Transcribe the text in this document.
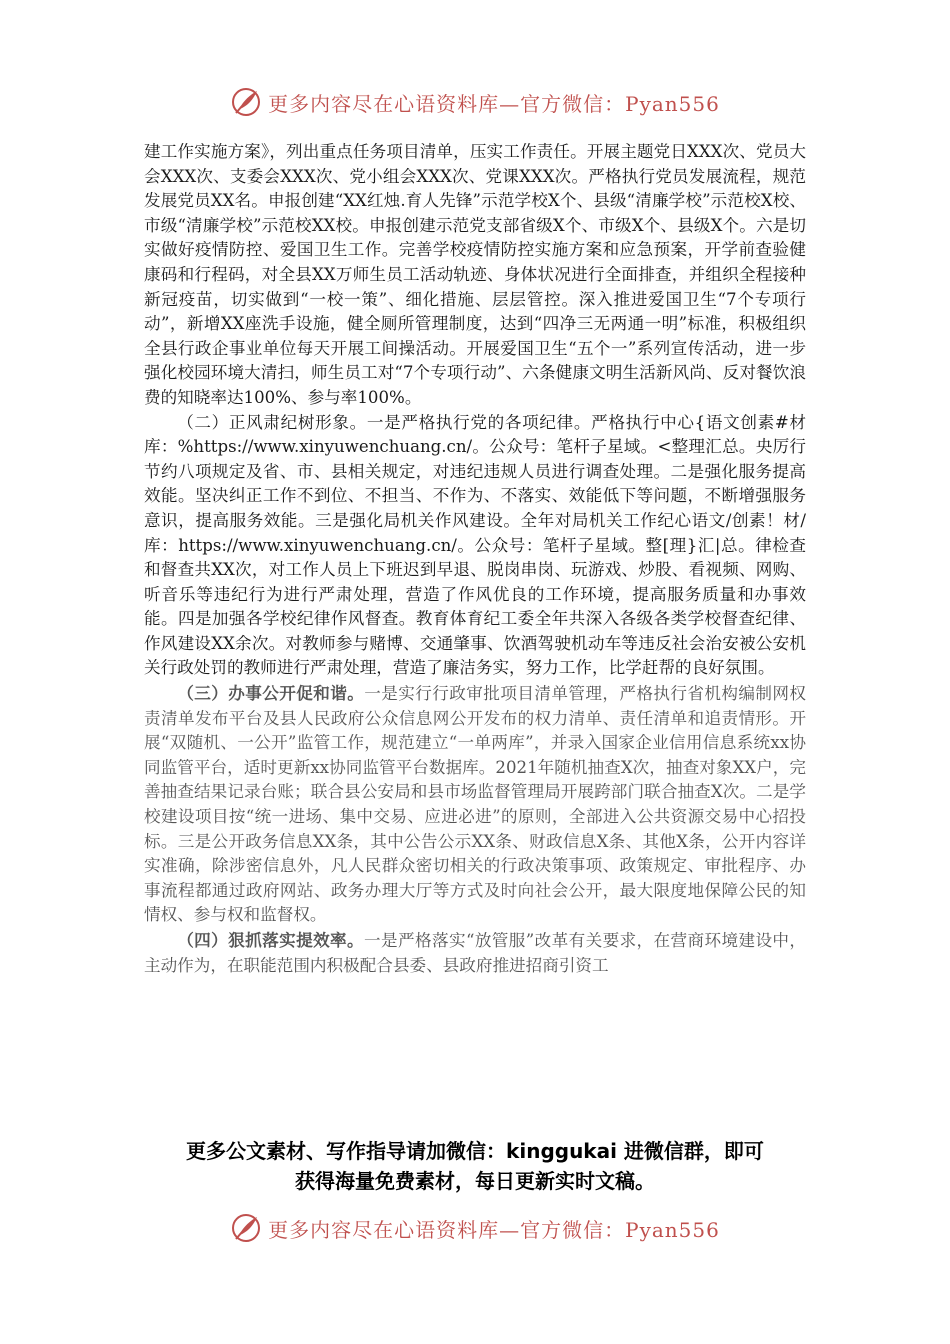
更多内容尽在心语资料库—官方微信：Pyan556

建工作实施方案》，列出重点任务项目清单，压实工作责任。开展主题党日XXX次、党员大会XXX次、支委会XXX次、党小组会XXX次、党课XXX次。严格执行党员发展流程，规范发展党员XX名。申报创建“XX红烛.育人先锋”示范学校X个、县级“清廉学校”示范校X校、市级“清廉学校”示范校XX校。申报创建示范党支部省级X个、市级X个、县级X个。六是切实做好疫情防控、爱国卫生工作。完善学校疫情防控实施方案和应急预案，开学前查验健康码和行程码，对全县XX万师生员工活动轨迹、身体状况进行全面排查，并组织全程接种新冠疫苗，切实做到“一校一策”、细化措施、层层管控。深入推进爱国卫生“7个专项行动”，新增XX座洗手设施，健全厕所管理制度，达到“四净三无两通一明”标准，积极组织全县行政企事业单位每天开展工间操活动。开展爱国卫生“五个一”系列宣传活动，进一步强化校园环境大清扫，师生员工对“7个专项行动”、六条健康文明生活新风尚、反对餐饮浪费的知晓率达100%、参与率100%。

（二）正风肃纪树形象。一是严格执行党的各项纪律。严格执行中心{语文创素#材库：%https://www.xinyuwenchuang.cn/。公众号：笔杆子星域。<整理汇总。央厉行节约八项规定及省、市、县相关规定，对违纪违规人员进行调查处理。二是强化服务提高效能。坚决纠正工作不到位、不担当、不作为、不落实、效能低下等问题，不断增强服务意识，提高服务效能。三是强化局机关作风建设。全年对局机关工作纪心语文/创素！材/库：https://www.xinyuwenchuang.cn/。公众号：笔杆子星域。整[理}汇|总。律检查和督查共XX次，对工作人员上下班迟到早退、脱岗串岗、玩游戏、炒股、看视频、网购、听音乐等违纪行为进行严肃处理，营造了作风优良的工作环境，提高服务质量和办事效能。四是加强各学校纪律作风督查。教育体育纪工委全年共深入各级各类学校督查纪律、作风建设XX余次。对教师参与赌博、交通肇事、饮酒驾驶机动车等违反社会治安被公安机关行政处罚的教师进行严肃处理，营造了廉洁务实，努力工作，比学赶帮的良好氛围。

（三）办事公开促和谐。一是实行行政审批项目清单管理，严格执行省机构编制网权责清单发布平台及县人民政府公众信息网公开发布的权力清单、责任清单和追责情形。开展“双随机、一公开”监管工作，规范建立“一单两库”，并录入国家企业信用信息系统xx协同监管平台，适时更新xx协同监管平台数据库。2021年随机抽查X次，抽查对象XX户，完善抽查结果记录台账；联合县公安局和县市场监督管理局开展跨部门联合抽查X次。二是学校建设项目按“统一进场、集中交易、应进必进”的原则，全部进入公共资源交易中心招投标。三是公开政务信息XX条，其中公告公示XX条、财政信息X条、其他X条，公开内容详实准确，除涉密信息外，凡人民群众密切相关的行政决策事项、政策规定、审批程序、办事流程都通过政府网站、政务办理大厅等方式及时向社会公开，最大限度地保障公民的知情权、参与权和监督权。

（四）狠抓落实提效率。一是严格落实“放管服”改革有关要求，在营商环境建设中，主动作为，在职能范围内积极配合县委、县政府推进招商引资工

更多公文素材、写作指导请加微信：kinggukai 进微信群，即可
获得海量免费素材，每日更新实时文稿。
更多内容尽在心语资料库—官方微信：Pyan556
